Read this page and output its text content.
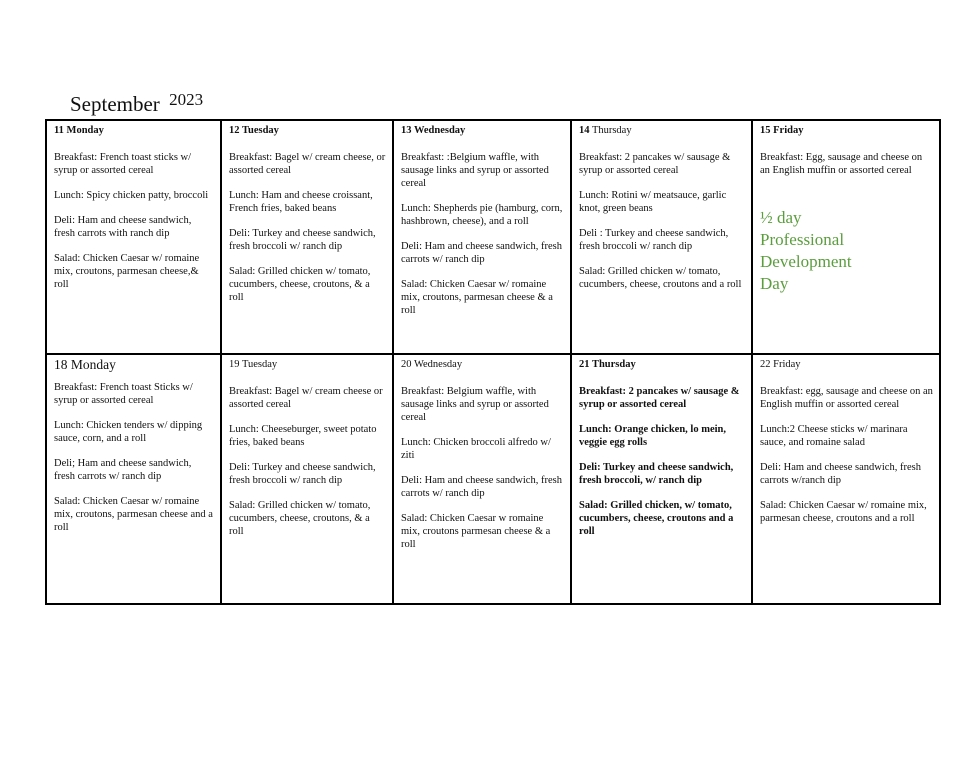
September $^{2023}$
11 Monday

Breakfast: French toast sticks w/ syrup or assorted cereal

Lunch: Spicy chicken patty, broccoli

Deli: Ham and cheese sandwich, fresh carrots with ranch dip

Salad: Chicken Caesar w/ romaine mix, croutons, parmesan cheese,& roll

12 Tuesday

Breakfast: Bagel w/ cream cheese, or assorted cereal

Lunch: Ham and cheese croissant, French fries, baked beans

Deli: Turkey and cheese sandwich, fresh broccoli w/ ranch dip

Salad: Grilled chicken w/ tomato, cucumbers, cheese, croutons, & a roll

13 Wednesday

Breakfast: :Belgium waffle, with sausage links and syrup or assorted cereal

Lunch: Shepherds pie (hamburg, corn, hashbrown, cheese), and a roll

Deli: Ham and cheese sandwich, fresh carrots w/ ranch dip

Salad: Chicken Caesar w/ romaine mix, croutons, parmesan cheese & a roll

14 Thursday

Breakfast: 2 pancakes w/ sausage & syrup or assorted cereal

Lunch: Rotini w/ meatsauce, garlic knot, green beans

Deli : Turkey and cheese sandwich, fresh broccoli w/ ranch dip

Salad: Grilled chicken w/ tomato, cucumbers, cheese, croutons and a roll

15 Friday

Breakfast: Egg, sausage and cheese on an English muffin or assorted cereal

½ day
Professional
Development
Day
18 Monday

Breakfast: French toast Sticks w/ syrup or assorted cereal

Lunch: Chicken tenders w/ dipping sauce, corn, and a roll

Deli; Ham and cheese sandwich, fresh carrots w/ ranch dip

Salad: Chicken Caesar w/ romaine mix, croutons, parmesan cheese and a roll

19 Tuesday

Breakfast: Bagel w/ cream cheese or assorted cereal

Lunch: Cheeseburger, sweet potato fries, baked beans

Deli: Turkey and cheese sandwich, fresh broccoli w/ ranch dip

Salad: Grilled chicken w/ tomato, cucumbers, cheese, croutons, & a roll

20 Wednesday

Breakfast: Belgium waffle, with sausage links and syrup or assorted cereal

Lunch: Chicken broccoli alfredo w/ ziti

Deli: Ham and cheese sandwich, fresh carrots w/ ranch dip

Salad: Chicken Caesar w romaine mix, croutons parmesan cheese & a roll

21 Thursday

Breakfast: 2 pancakes w/ sausage & syrup or assorted cereal

Lunch: Orange chicken, lo mein, veggie egg rolls

Deli: Turkey and cheese sandwich, fresh broccoli, w/ ranch dip

Salad: Grilled chicken, w/ tomato, cucumbers, cheese, croutons and a roll

22 Friday

Breakfast: egg, sausage and cheese on an English muffin or assorted cereal

Lunch:2 Cheese sticks w/ marinara sauce, and romaine salad

Deli: Ham and cheese sandwich, fresh carrots w/ranch dip

Salad: Chicken Caesar w/ romaine mix, parmesan cheese, croutons and a roll
